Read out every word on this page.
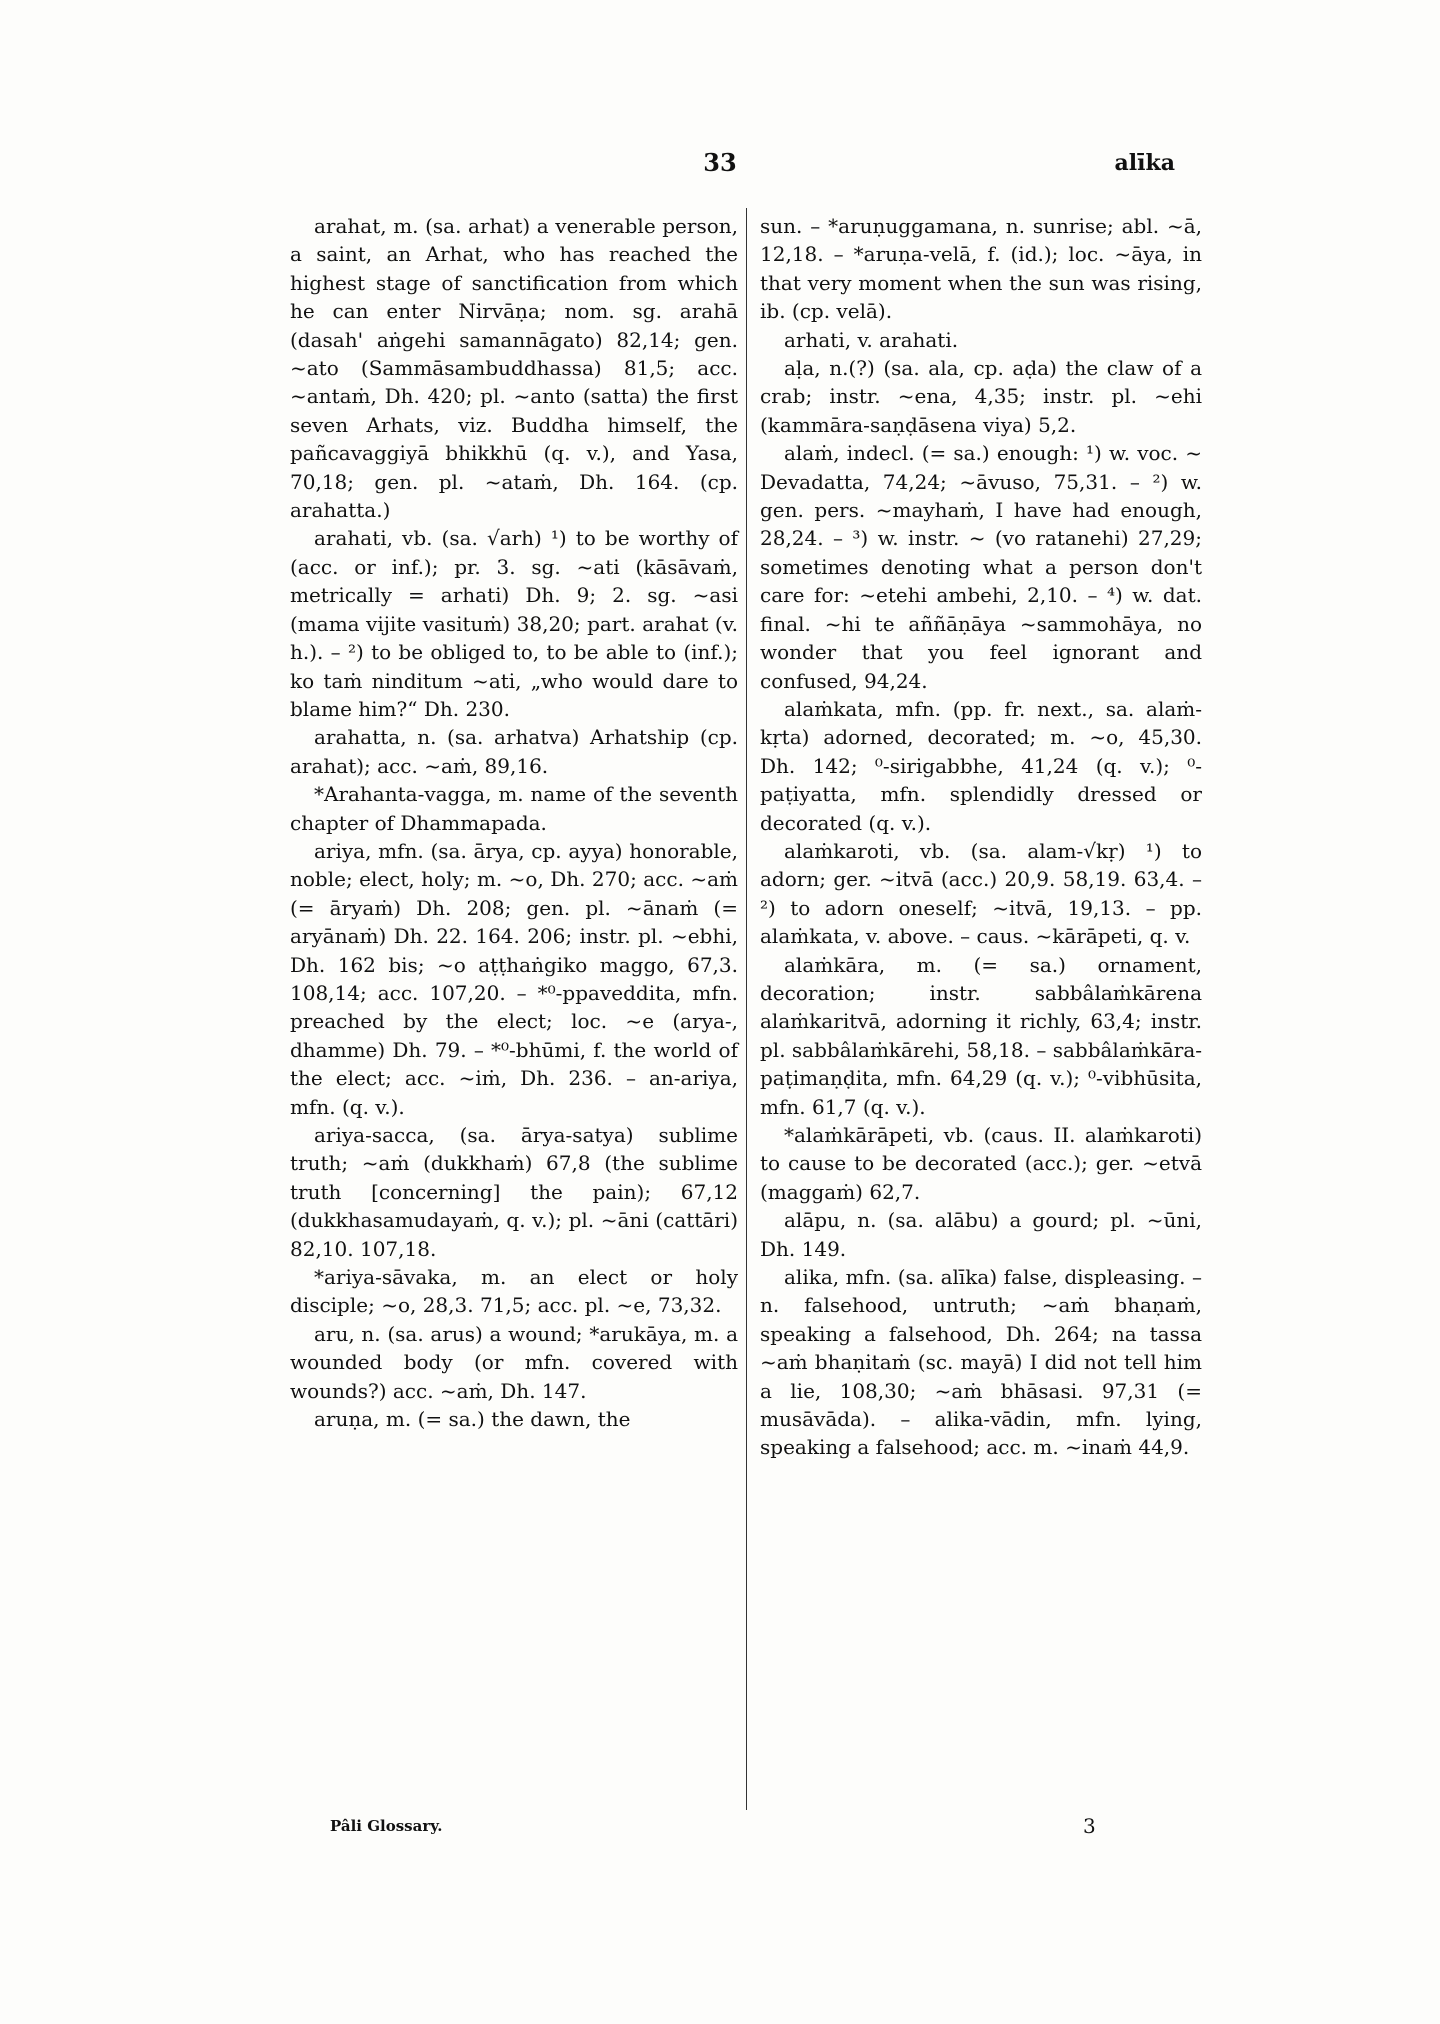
33	alīka

arahat, m. (sa. arhat) a venerable person, a saint, an Arhat, who has reached the highest stage of sanctification from which he can enter Nirvāṇa; nom. sg. arahā (dasah' aṅgehi samannāgato) 82,14; gen. ~ato (Sammāsambuddhassa) 81,5; acc. ~antaṁ, Dh. 420; pl. ~anto (satta) the first seven Arhats, viz. Buddha himself, the pañcavaggiyā bhikkhū (q. v.), and Yasa, 70,18; gen. pl. ~ataṁ, Dh. 164. (cp. arahatta.)

arahati, vb. (sa. √arh) ¹) to be worthy of (acc. or inf.); pr. 3. sg. ~ati (kāsāvaṁ, metrically = arhati) Dh. 9; 2. sg. ~asi (mama vijite vasituṁ) 38,20; part. arahat (v. h.). – ²) to be obliged to, to be able to (inf.); ko taṁ ninditum ~ati, „who would dare to blame him?“ Dh. 230.

arahatta, n. (sa. arhatva) Arhatship (cp. arahat); acc. ~aṁ, 89,16.

*Arahanta-vagga, m. name of the seventh chapter of Dhammapada.

ariya, mfn. (sa. ārya, cp. ayya) honorable, noble; elect, holy; m. ~o, Dh. 270; acc. ~aṁ (= āryaṁ) Dh. 208; gen. pl. ~ānaṁ (= aryānaṁ) Dh. 22. 164. 206; instr. pl. ~ebhi, Dh. 162 bis; ~o aṭṭhaṅgiko maggo, 67,3. 108,14; acc. 107,20. – *⁰-ppaveddita, mfn. preached by the elect; loc. ~e (arya-, dhamme) Dh. 79. – *⁰-bhūmi, f. the world of the elect; acc. ~iṁ, Dh. 236. – an-ariya, mfn. (q. v.).

ariya-sacca, (sa. ārya-satya) sublime truth; ~aṁ (dukkhaṁ) 67,8 (the sublime truth [concerning] the pain); 67,12 (dukkhasamudayaṁ, q. v.); pl. ~āni (cattāri) 82,10. 107,18.

*ariya-sāvaka, m. an elect or holy disciple; ~o, 28,3. 71,5; acc. pl. ~e, 73,32.

aru, n. (sa. arus) a wound; *arukāya, m. a wounded body (or mfn. covered with wounds?) acc. ~aṁ, Dh. 147.

aruṇa, m. (= sa.) the dawn, the

sun. – *aruṇuggamana, n. sunrise; abl. ~ā, 12,18. – *aruṇa-velā, f. (id.); loc. ~āya, in that very moment when the sun was rising, ib. (cp. velā).

arhati, v. arahati.

aḷa, n.(?) (sa. ala, cp. aḍa) the claw of a crab; instr. ~ena, 4,35; instr. pl. ~ehi (kammāra-saṇḍāsena viya) 5,2.

alaṁ, indecl. (= sa.) enough: ¹) w. voc. ~ Devadatta, 74,24; ~āvuso, 75,31. – ²) w. gen. pers. ~mayhaṁ, I have had enough, 28,24. – ³) w. instr. ~ (vo ratanehi) 27,29; sometimes denoting what a person don't care for: ~etehi ambehi, 2,10. – ⁴) w. dat. final. ~hi te aññāṇāya ~sammohāya, no wonder that you feel ignorant and confused, 94,24.

alaṁkata, mfn. (pp. fr. next., sa. alaṁ-kṛta) adorned, decorated; m. ~o, 45,30. Dh. 142; ⁰-sirigabbhe, 41,24 (q. v.); ⁰-paṭiyatta, mfn. splendidly dressed or decorated (q. v.).

alaṁkaroti, vb. (sa. alam-√kṛ) ¹) to adorn; ger. ~itvā (acc.) 20,9. 58,19. 63,4. – ²) to adorn oneself; ~itvā, 19,13. – pp. alaṁkata, v. above. – caus. ~kārāpeti, q. v.

alaṁkāra, m. (= sa.) ornament, decoration; instr. sabbâlaṁkārena alaṁkaritvā, adorning it richly, 63,4; instr. pl. sabbâlaṁkārehi, 58,18. – sabbâlaṁkāra-paṭimaṇḍita, mfn. 64,29 (q. v.); ⁰-vibhūsita, mfn. 61,7 (q. v.).

*alaṁkārāpeti, vb. (caus. II. alaṁkaroti) to cause to be decorated (acc.); ger. ~etvā (maggaṁ) 62,7.

alāpu, n. (sa. alābu) a gourd; pl. ~ūni, Dh. 149.

alika, mfn. (sa. alīka) false, displeasing. – n. falsehood, untruth; ~aṁ bhaṇaṁ, speaking a falsehood, Dh. 264; na tassa ~aṁ bhaṇitaṁ (sc. mayā) I did not tell him a lie, 108,30; ~aṁ bhāsasi. 97,31 (= musāvāda). – alika-vādin, mfn. lying, speaking a falsehood; acc. m. ~inaṁ 44,9.

Pâli Glossary.	3
